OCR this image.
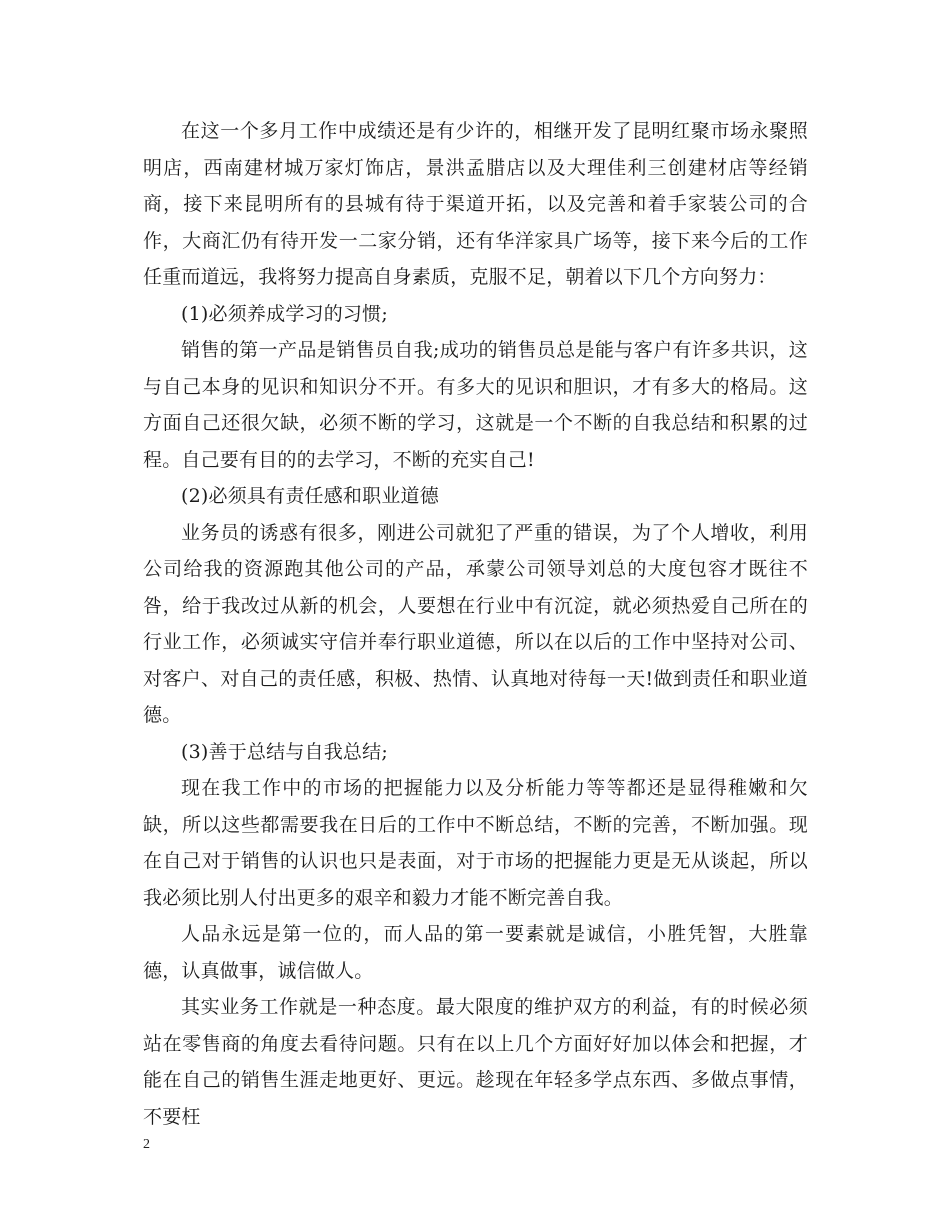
在这一个多月工作中成绩还是有少许的，相继开发了昆明红聚市场永聚照明店，西南建材城万家灯饰店，景洪孟腊店以及大理佳利三创建材店等经销商，接下来昆明所有的县城有待于渠道开拓，以及完善和着手家装公司的合作，大商汇仍有待开发一二家分销，还有华洋家具广场等，接下来今后的工作任重而道远，我将努力提高自身素质，克服不足，朝着以下几个方向努力：

(1)必须养成学习的习惯;

销售的第一产品是销售员自我;成功的销售员总是能与客户有许多共识，这与自己本身的见识和知识分不开。有多大的见识和胆识，才有多大的格局。这方面自己还很欠缺，必须不断的学习，这就是一个不断的自我总结和积累的过程。自己要有目的的去学习，不断的充实自己!

(2)必须具有责任感和职业道德

业务员的诱惑有很多，刚进公司就犯了严重的错误，为了个人增收，利用公司给我的资源跑其他公司的产品，承蒙公司领导刘总的大度包容才既往不咎，给于我改过从新的机会，人要想在行业中有沉淀，就必须热爱自己所在的行业工作，必须诚实守信并奉行职业道德，所以在以后的工作中坚持对公司、对客户、对自己的责任感，积极、热情、认真地对待每一天!做到责任和职业道德。

(3)善于总结与自我总结;

现在我工作中的市场的把握能力以及分析能力等等都还是显得稚嫩和欠缺，所以这些都需要我在日后的工作中不断总结，不断的完善，不断加强。现在自己对于销售的认识也只是表面，对于市场的把握能力更是无从谈起，所以我必须比别人付出更多的艰辛和毅力才能不断完善自我。

人品永远是第一位的，而人品的第一要素就是诚信，小胜凭智，大胜靠德，认真做事，诚信做人。

其实业务工作就是一种态度。最大限度的维护双方的利益，有的时候必须站在零售商的角度去看待问题。只有在以上几个方面好好加以体会和把握，才能在自己的销售生涯走地更好、更远。趁现在年轻多学点东西、多做点事情，不要枉

2
